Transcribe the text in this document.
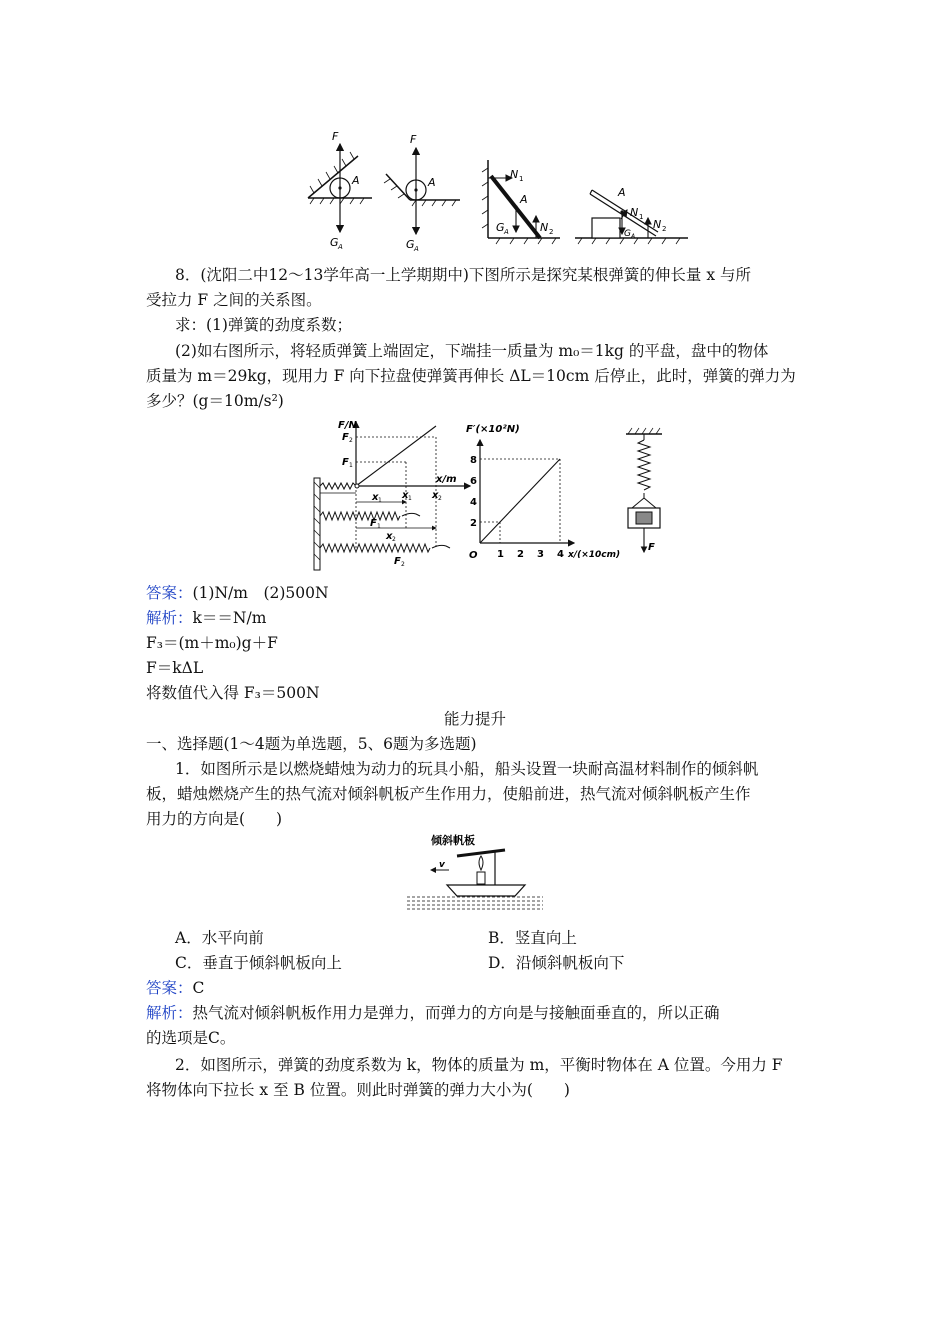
F
A
G A
F
A
G A
N 1
A
G A	N 2
A
N 1
G A
N 2
8．(沈阳二中12～13学年高一上学期期中)下图所示是探究某根弹簧的伸长量 x 与所
受拉力 F 之间的关系图。
求：(1)弹簧的劲度系数；
(2)如右图所示，将轻质弹簧上端固定，下端挂一质量为 m₀＝1kg 的平盘，盘中的物体
质量为 m＝29kg，现用力 F 向下拉盘使弹簧再伸长 ΔL＝10cm 后停止，此时，弹簧的弹力为
多少？(g＝10m/s²)
F/N
F 2
F 1
x/m
x 1 x 2
x 1
F 1
x 2
F 2
F′(×10²N)
x/(×10cm)
O
2
4
6
8
1 2 3 4
F
答案：(1)N/m　(2)500N
解析：k＝＝N/m
F₃＝(m＋m₀)g＋F
F＝kΔL
将数值代入得 F₃＝500N
能力提升
一、选择题(1～4题为单选题，5、6题为多选题)
1．如图所示是以燃烧蜡烛为动力的玩具小船，船头设置一块耐高温材料制作的倾斜帆
板，蜡烛燃烧产生的热气流对倾斜帆板产生作用力，使船前进，热气流对倾斜帆板产生作
用力的方向是(　　)
倾斜帆板
v
A．水平向前	B．竖直向上
C．垂直于倾斜帆板向上	D．沿倾斜帆板向下
答案：C
解析：热气流对倾斜帆板作用力是弹力，而弹力的方向是与接触面垂直的，所以正确
的选项是C。
2．如图所示，弹簧的劲度系数为 k，物体的质量为 m，平衡时物体在 A 位置。今用力 F
将物体向下拉长 x 至 B 位置。则此时弹簧的弹力大小为(　　)
